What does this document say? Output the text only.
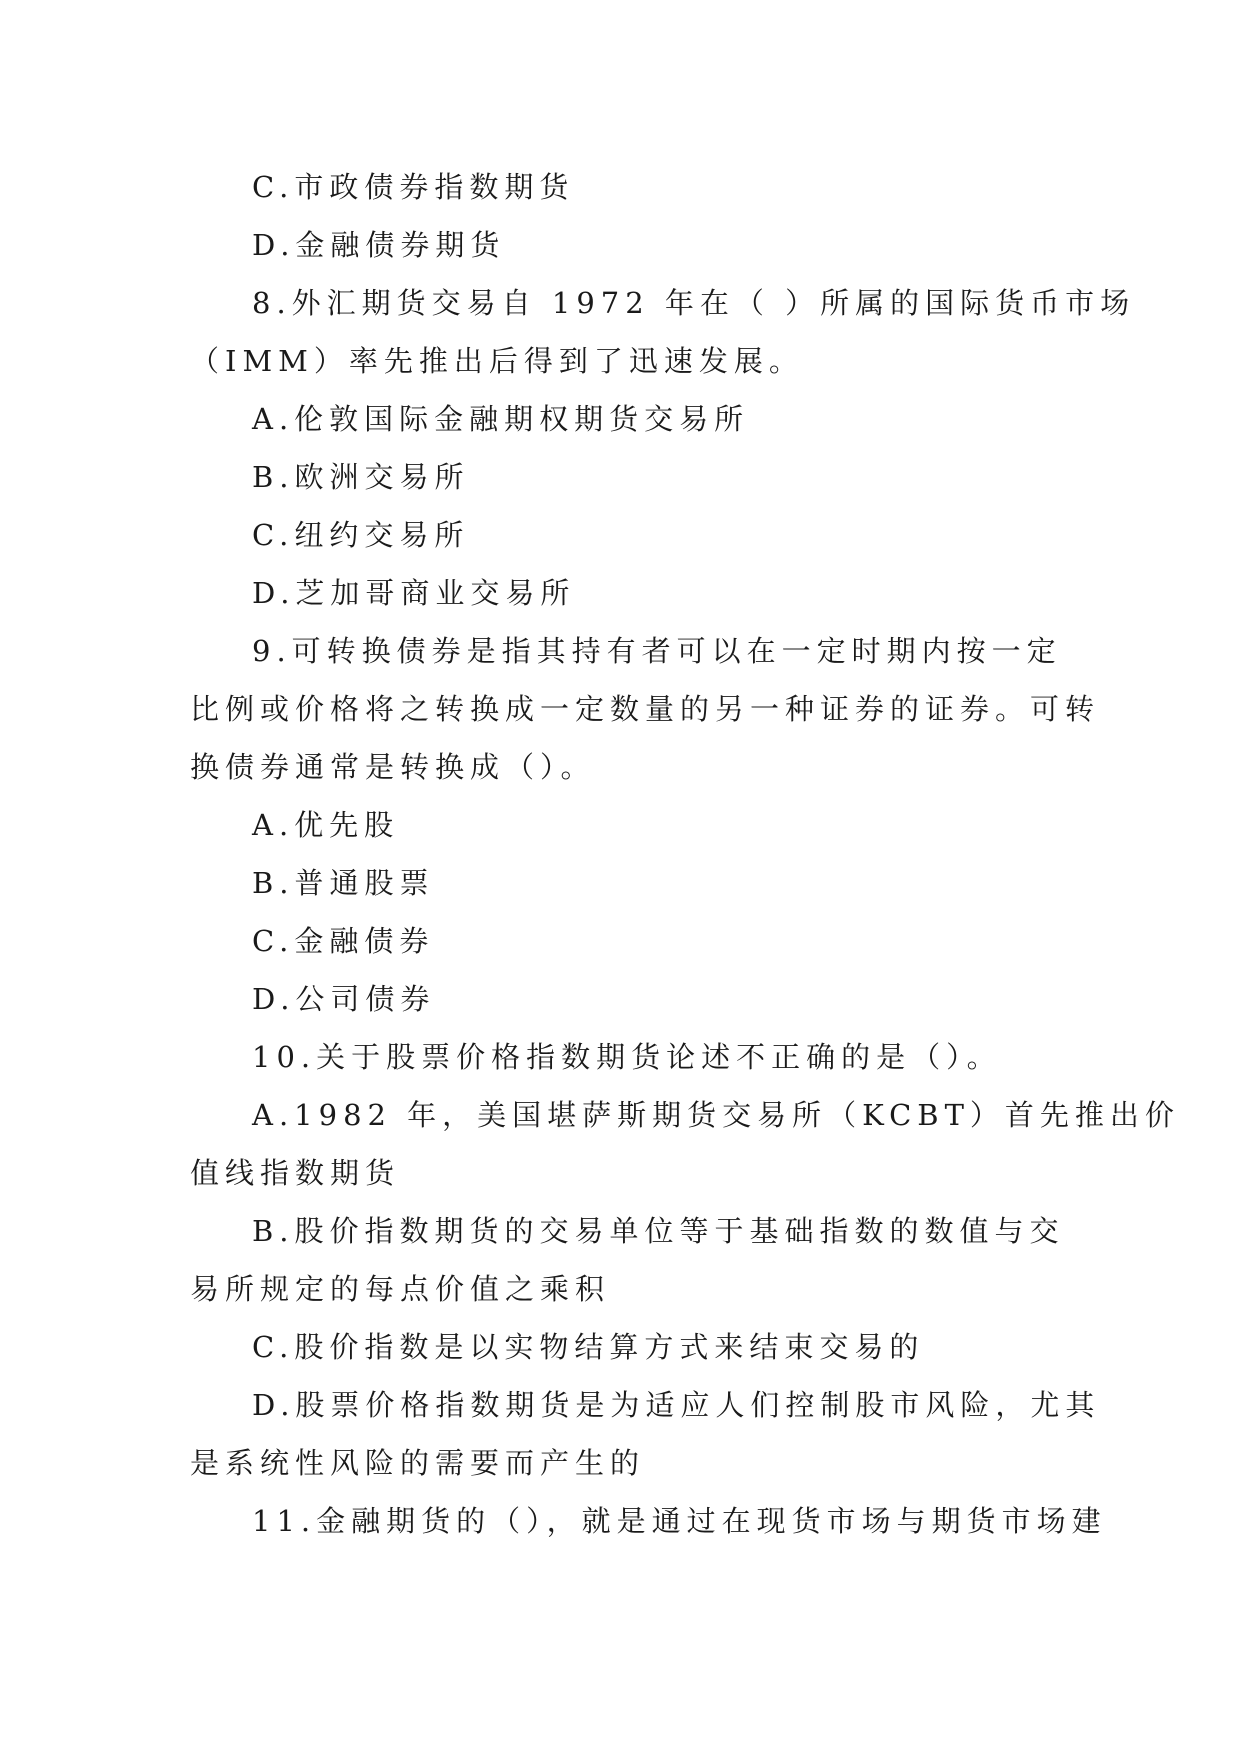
C.市政债券指数期货
D.金融债券期货
8.外汇期货交易自 1972 年在（ ）所属的国际货币市场
（IMM）率先推出后得到了迅速发展。
A.伦敦国际金融期权期货交易所
B.欧洲交易所
C.纽约交易所
D.芝加哥商业交易所
9.可转换债券是指其持有者可以在一定时期内按一定
比例或价格将之转换成一定数量的另一种证券的证券。可转
换债券通常是转换成（）。
A.优先股
B.普通股票
C.金融债券
D.公司债券
10.关于股票价格指数期货论述不正确的是（）。
A.1982 年，美国堪萨斯期货交易所（KCBT）首先推出价
值线指数期货
B.股价指数期货的交易单位等于基础指数的数值与交
易所规定的每点价值之乘积
C.股价指数是以实物结算方式来结束交易的
D.股票价格指数期货是为适应人们控制股市风险，尤其
是系统性风险的需要而产生的
11.金融期货的（），就是通过在现货市场与期货市场建
